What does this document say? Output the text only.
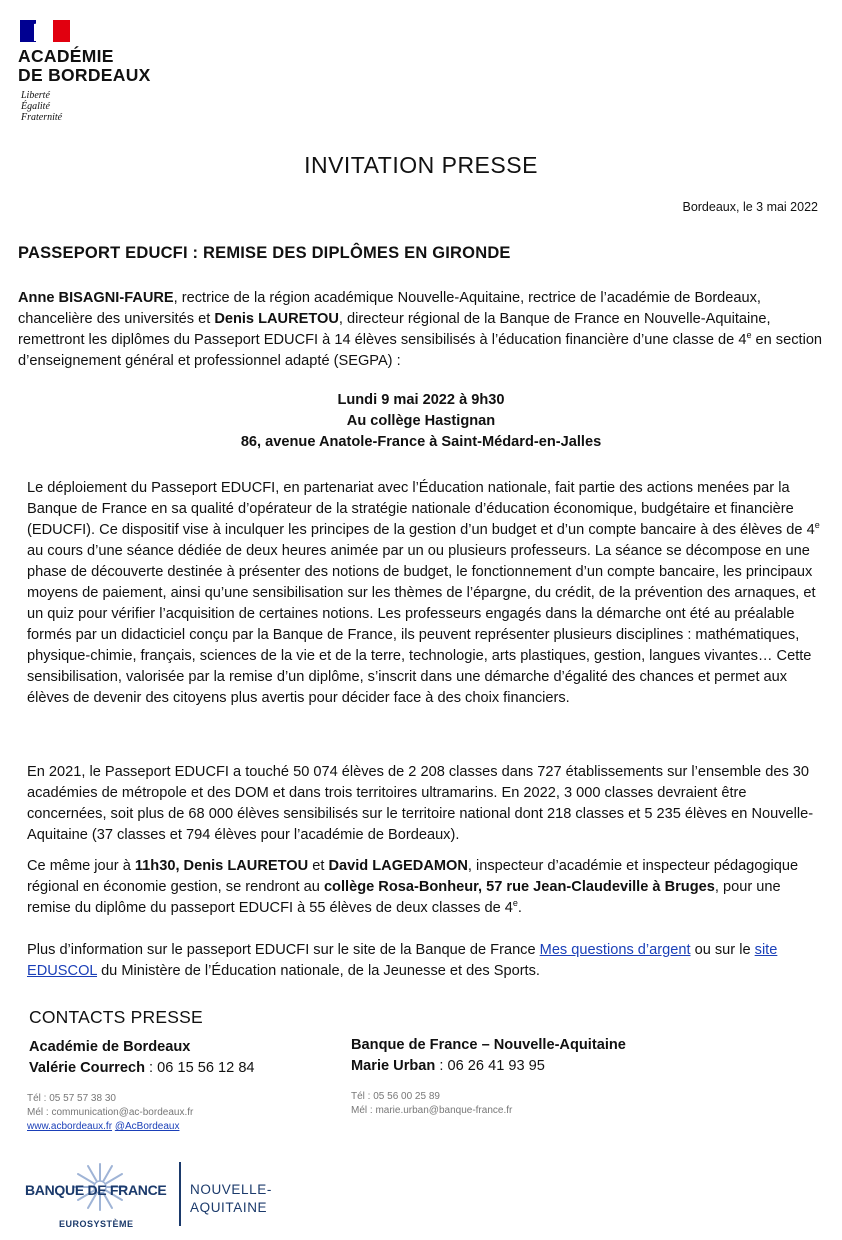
ACADÉMIE
DE BORDEAUX
Liberté
Égalité
Fraternité
INVITATION PRESSE
Bordeaux, le 3 mai 2022
PASSEPORT EDUCFI : REMISE DES DIPLÔMES EN GIRONDE
Anne BISAGNI-FAURE, rectrice de la région académique Nouvelle-Aquitaine, rectrice de l’académie de Bordeaux, chancelière des universités et Denis LAURETOU, directeur régional de la Banque de France en Nouvelle-Aquitaine, remettront les diplômes du Passeport EDUCFI à 14 élèves sensibilisés à l’éducation financière d’une classe de 4e en section d’enseignement général et professionnel adapté (SEGPA) :
Lundi 9 mai 2022 à 9h30
Au collège Hastignan
86, avenue Anatole-France à Saint-Médard-en-Jalles
Le déploiement du Passeport EDUCFI, en partenariat avec l’Éducation nationale, fait partie des actions menées par la Banque de France en sa qualité d’opérateur de la stratégie nationale d’éducation économique, budgétaire et financière (EDUCFI). Ce dispositif vise à inculquer les principes de la gestion d’un budget et d’un compte bancaire à des élèves de 4e au cours d’une séance dédiée de deux heures animée par un ou plusieurs professeurs. La séance se décompose en une phase de découverte destinée à présenter des notions de budget, le fonctionnement d’un compte bancaire, les principaux moyens de paiement, ainsi qu’une sensibilisation sur les thèmes de l’épargne, du crédit, de la prévention des arnaques, et un quiz pour vérifier l’acquisition de certaines notions. Les professeurs engagés dans la démarche ont été au préalable formés par un didacticiel conçu par la Banque de France, ils peuvent représenter plusieurs disciplines : mathématiques, physique-chimie, français, sciences de la vie et de la terre, technologie, arts plastiques, gestion, langues vivantes… Cette sensibilisation, valorisée par la remise d’un diplôme, s’inscrit dans une démarche d’égalité des chances et permet aux élèves de devenir des citoyens plus avertis pour décider face à des choix financiers.
En 2021, le Passeport EDUCFI a touché 50 074 élèves de 2 208 classes dans 727 établissements sur l’ensemble des 30 académies de métropole et des DOM et dans trois territoires ultramarins. En 2022, 3 000 classes devraient être concernées, soit plus de 68 000 élèves sensibilisés sur le territoire national dont 218 classes et 5 235 élèves en Nouvelle-Aquitaine (37 classes et 794 élèves pour l’académie de Bordeaux).
Ce même jour à 11h30, Denis LAURETOU et David LAGEDAMON, inspecteur d’académie et inspecteur pédagogique régional en économie gestion, se rendront au collège Rosa-Bonheur, 57 rue Jean-Claudeville à Bruges, pour une remise du diplôme du passeport EDUCFI à 55 élèves de deux classes de 4e.
Plus d’information sur le passeport EDUCFI sur le site de la Banque de France Mes questions d’argent ou sur le site EDUSCOL du Ministère de l’Éducation nationale, de la Jeunesse et des Sports.
CONTACTS PRESSE
Académie de Bordeaux
Valérie Courrech : 06 15 56 12 84
Banque de France – Nouvelle-Aquitaine
Marie Urban : 06 26 41 93 95
Tél : 05 57 57 38 30
Mél : communication@ac-bordeaux.fr
www.acbordeaux.fr @AcBordeaux
Tél : 05 56 00 25 89
Mél : marie.urban@banque-france.fr
BANQUE DE FRANCE
EUROSYSTÈME
NOUVELLE-
AQUITAINE
